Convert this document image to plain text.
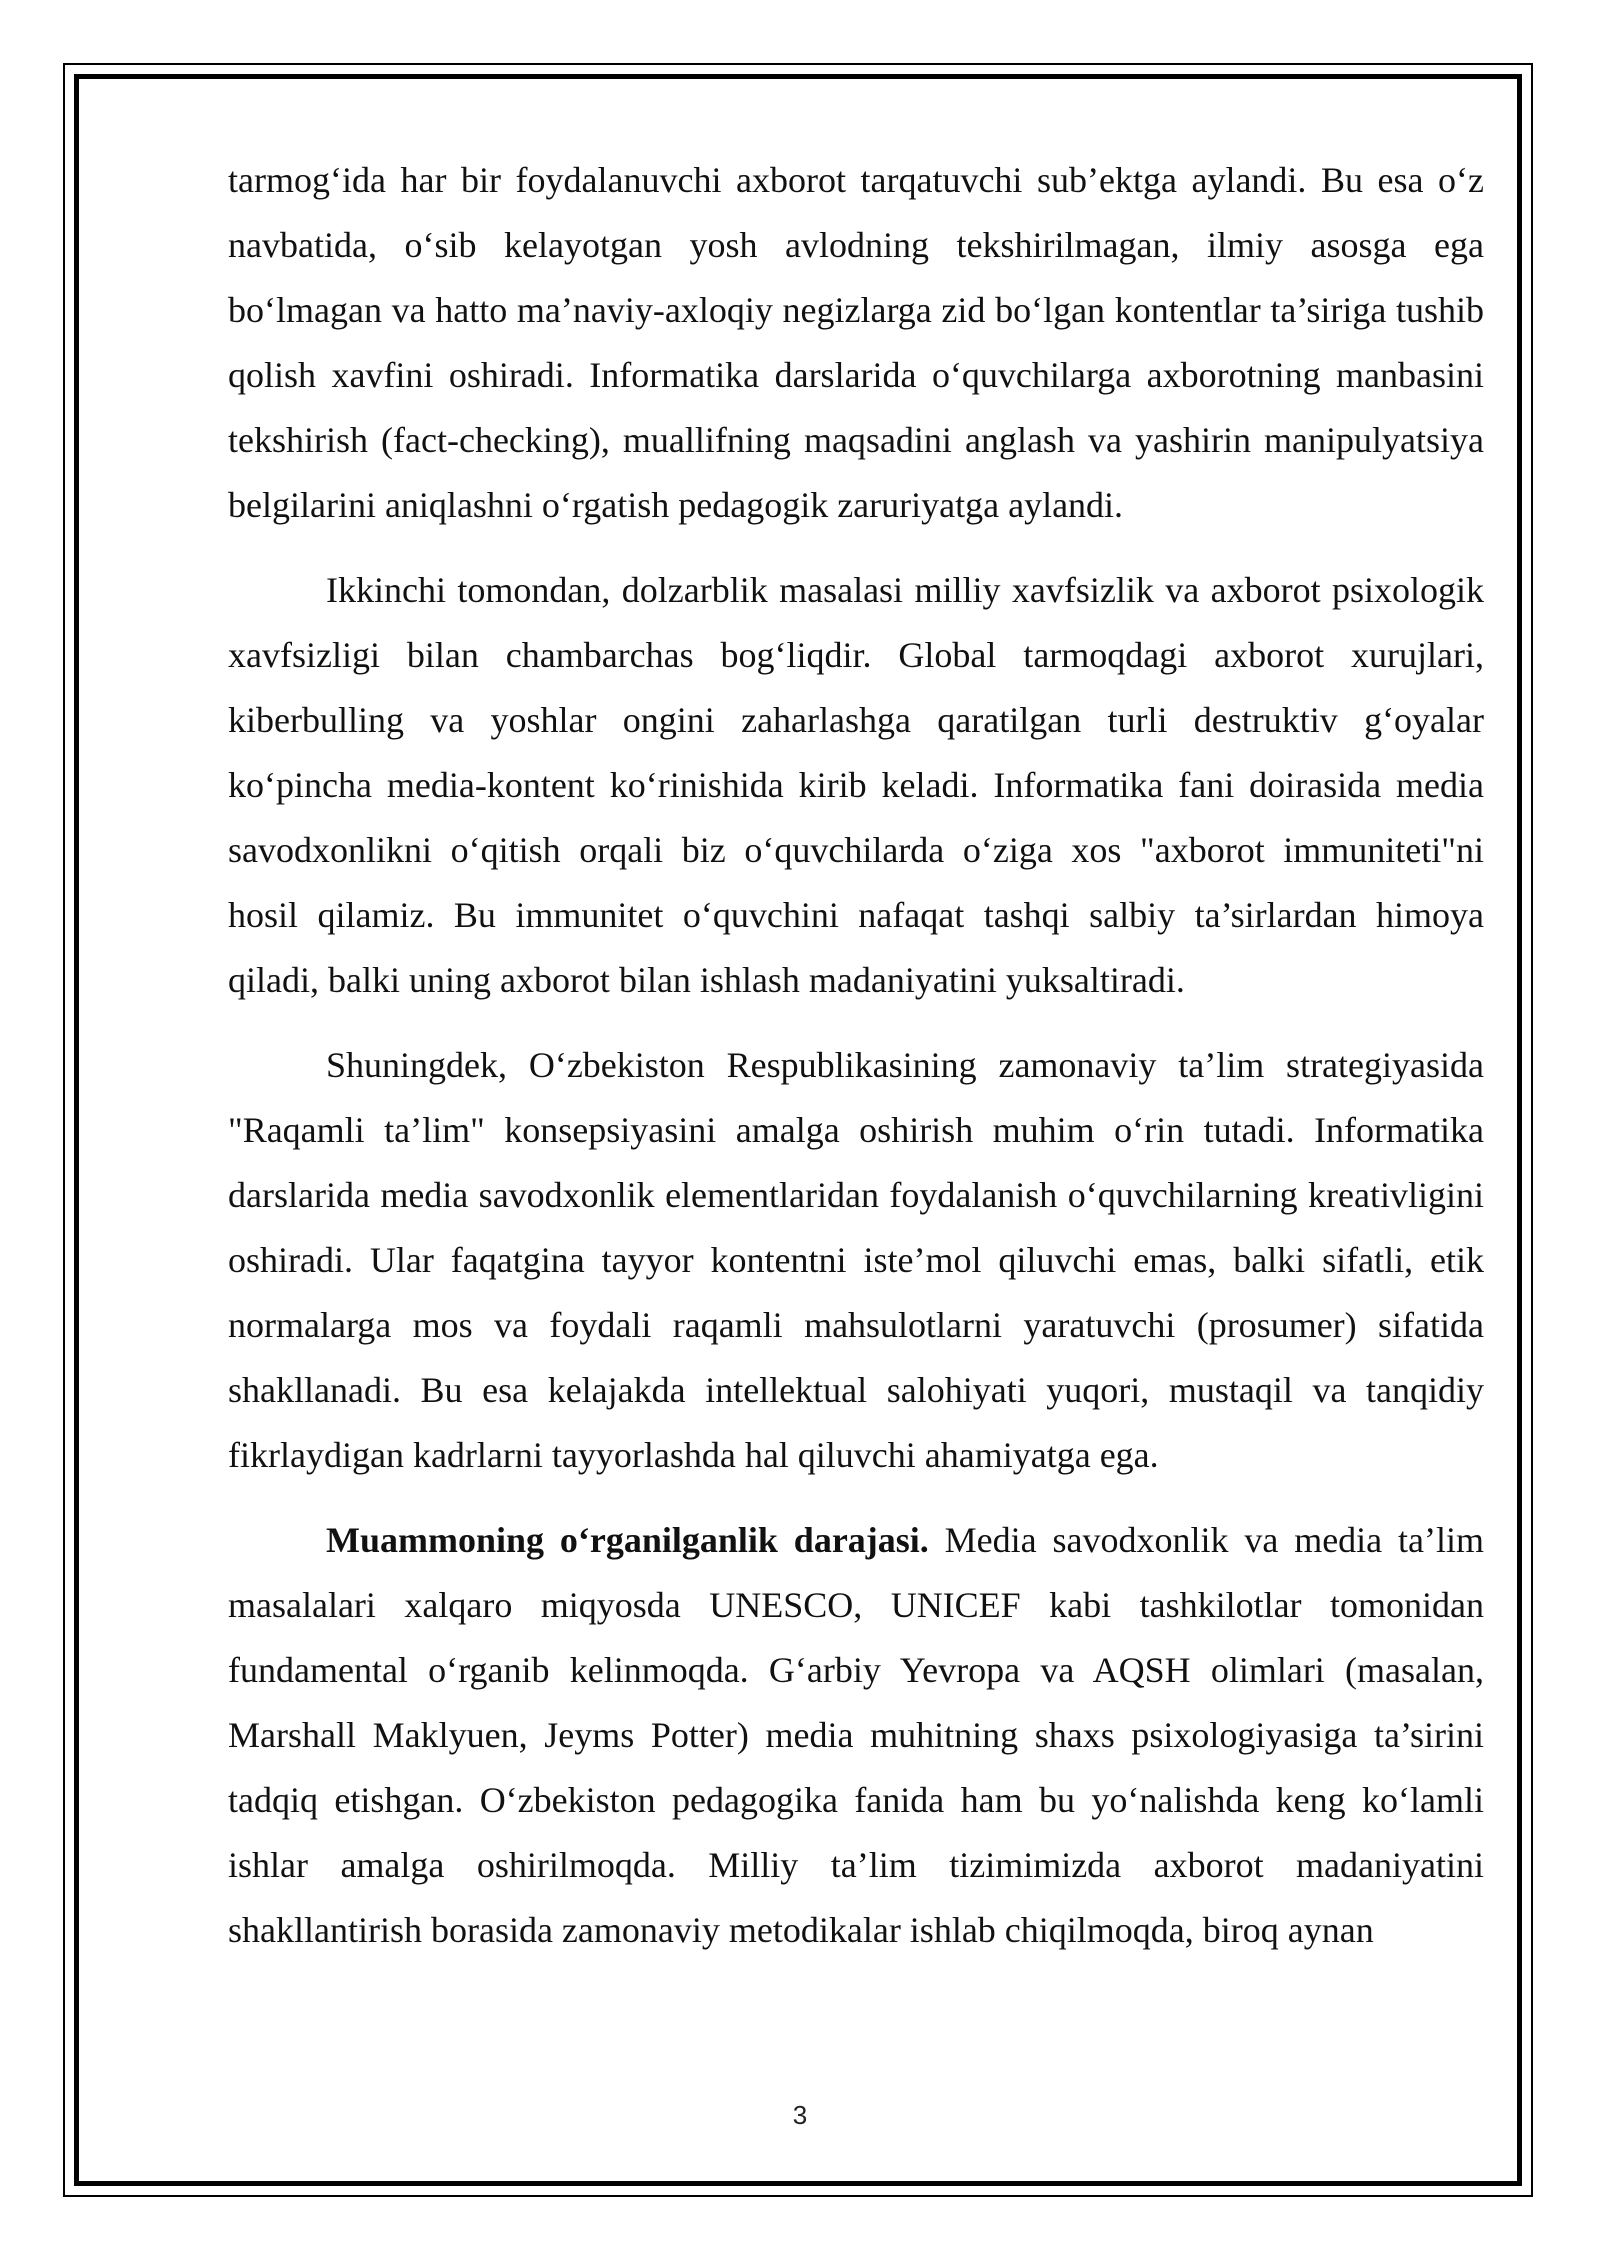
tarmog‘ida har bir foydalanuvchi axborot tarqatuvchi sub’ektga aylandi. Bu esa o‘z navbatida, o‘sib kelayotgan yosh avlodning tekshirilmagan, ilmiy asosga ega bo‘lmagan va hatto ma’naviy-axloqiy negizlarga zid bo‘lgan kontentlar ta’siriga tushib qolish xavfini oshiradi. Informatika darslarida o‘quvchilarga axborotning manbasini tekshirish (fact-checking), muallifning maqsadini anglash va yashirin manipulyatsiya belgilarini aniqlashni o‘rgatish pedagogik zaruriyatga aylandi.

Ikkinchi tomondan, dolzarblik masalasi milliy xavfsizlik va axborot psixologik xavfsizligi bilan chambarchas bog‘liqdir. Global tarmoqdagi axborot xurujlari, kiberbulling va yoshlar ongini zaharlashga qaratilgan turli destruktiv g‘oyalar ko‘pincha media-kontent ko‘rinishida kirib keladi. Informatika fani doirasida media savodxonlikni o‘qitish orqali biz o‘quvchilarda o‘ziga xos "axborot immuniteti"ni hosil qilamiz. Bu immunitet o‘quvchini nafaqat tashqi salbiy ta’sirlardan himoya qiladi, balki uning axborot bilan ishlash madaniyatini yuksaltiradi.

Shuningdek, O‘zbekiston Respublikasining zamonaviy ta’lim strategiyasida "Raqamli ta’lim" konsepsiyasini amalga oshirish muhim o‘rin tutadi. Informatika darslarida media savodxonlik elementlaridan foydalanish o‘quvchilarning kreativligini oshiradi. Ular faqatgina tayyor kontentni iste’mol qiluvchi emas, balki sifatli, etik normalarga mos va foydali raqamli mahsulotlarni yaratuvchi (prosumer) sifatida shakllanadi. Bu esa kelajakda intellektual salohiyati yuqori, mustaqil va tanqidiy fikrlaydigan kadrlarni tayyorlashda hal qiluvchi ahamiyatga ega.

Muammoning o‘rganilganlik darajasi. Media savodxonlik va media ta’lim masalalari xalqaro miqyosda UNESCO, UNICEF kabi tashkilotlar tomonidan fundamental o‘rganib kelinmoqda. G‘arbiy Yevropa va AQSH olimlari (masalan, Marshall Maklyuen, Jeyms Potter) media muhitning shaxs psixologiyasiga ta’sirini tadqiq etishgan. O‘zbekiston pedagogika fanida ham bu yo‘nalishda keng ko‘lamli ishlar amalga oshirilmoqda. Milliy ta’lim tizimimizda axborot madaniyatini shakllantirish borasida zamonaviy metodikalar ishlab chiqilmoqda, biroq aynan

3
